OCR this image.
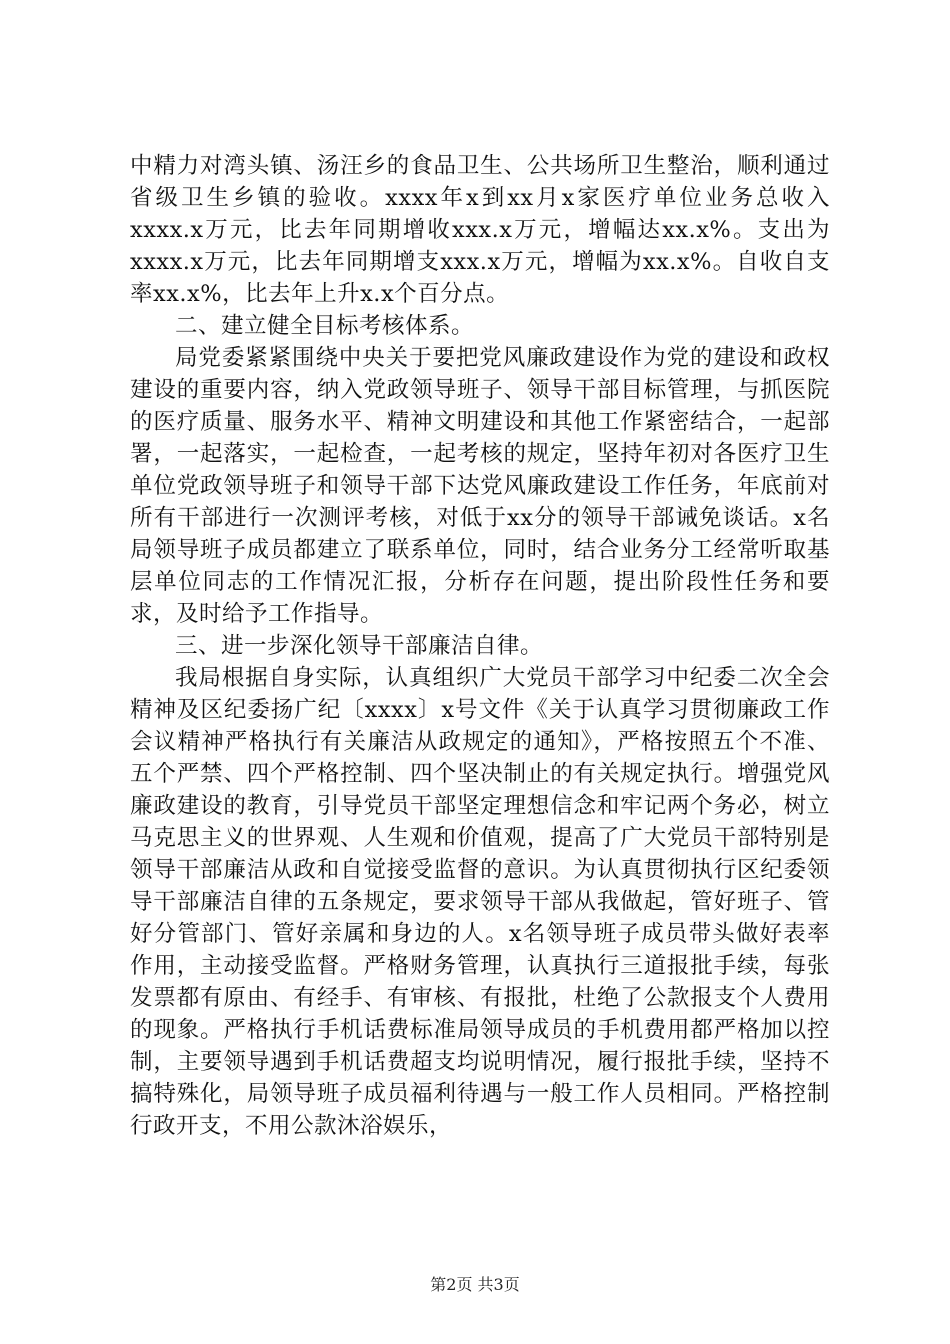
中精力对湾头镇、汤汪乡的食品卫生、公共场所卫生整治，顺利通过省级卫生乡镇的验收。xxxx年x到xx月x家医疗单位业务总收入xxxx.x万元，比去年同期增收xxx.x万元，增幅达xx.x%。支出为xxxx.x万元，比去年同期增支xxx.x万元，增幅为xx.x%。自收自支率xx.x%，比去年上升x.x个百分点。

二、建立健全目标考核体系。

局党委紧紧围绕中央关于要把党风廉政建设作为党的建设和政权建设的重要内容，纳入党政领导班子、领导干部目标管理，与抓医院的医疗质量、服务水平、精神文明建设和其他工作紧密结合，一起部署，一起落实，一起检查，一起考核的规定，坚持年初对各医疗卫生单位党政领导班子和领导干部下达党风廉政建设工作任务，年底前对所有干部进行一次测评考核，对低于xx分的领导干部诫免谈话。x名局领导班子成员都建立了联系单位，同时，结合业务分工经常听取基层单位同志的工作情况汇报，分析存在问题，提出阶段性任务和要求，及时给予工作指导。

三、进一步深化领导干部廉洁自律。

我局根据自身实际，认真组织广大党员干部学习中纪委二次全会精神及区纪委扬广纪〔xxxx〕x号文件《关于认真学习贯彻廉政工作会议精神严格执行有关廉洁从政规定的通知》，严格按照五个不准、五个严禁、四个严格控制、四个坚决制止的有关规定执行。增强党风廉政建设的教育，引导党员干部坚定理想信念和牢记两个务必，树立马克思主义的世界观、人生观和价值观，提高了广大党员干部特别是领导干部廉洁从政和自觉接受监督的意识。为认真贯彻执行区纪委领导干部廉洁自律的五条规定，要求领导干部从我做起，管好班子、管好分管部门、管好亲属和身边的人。x名领导班子成员带头做好表率作用，主动接受监督。严格财务管理，认真执行三道报批手续，每张发票都有原由、有经手、有审核、有报批，杜绝了公款报支个人费用的现象。严格执行手机话费标准局领导成员的手机费用都严格加以控制，主要领导遇到手机话费超支均说明情况，履行报批手续，坚持不搞特殊化，局领导班子成员福利待遇与一般工作人员相同。严格控制行政开支，不用公款沐浴娱乐，

第2页 共3页
